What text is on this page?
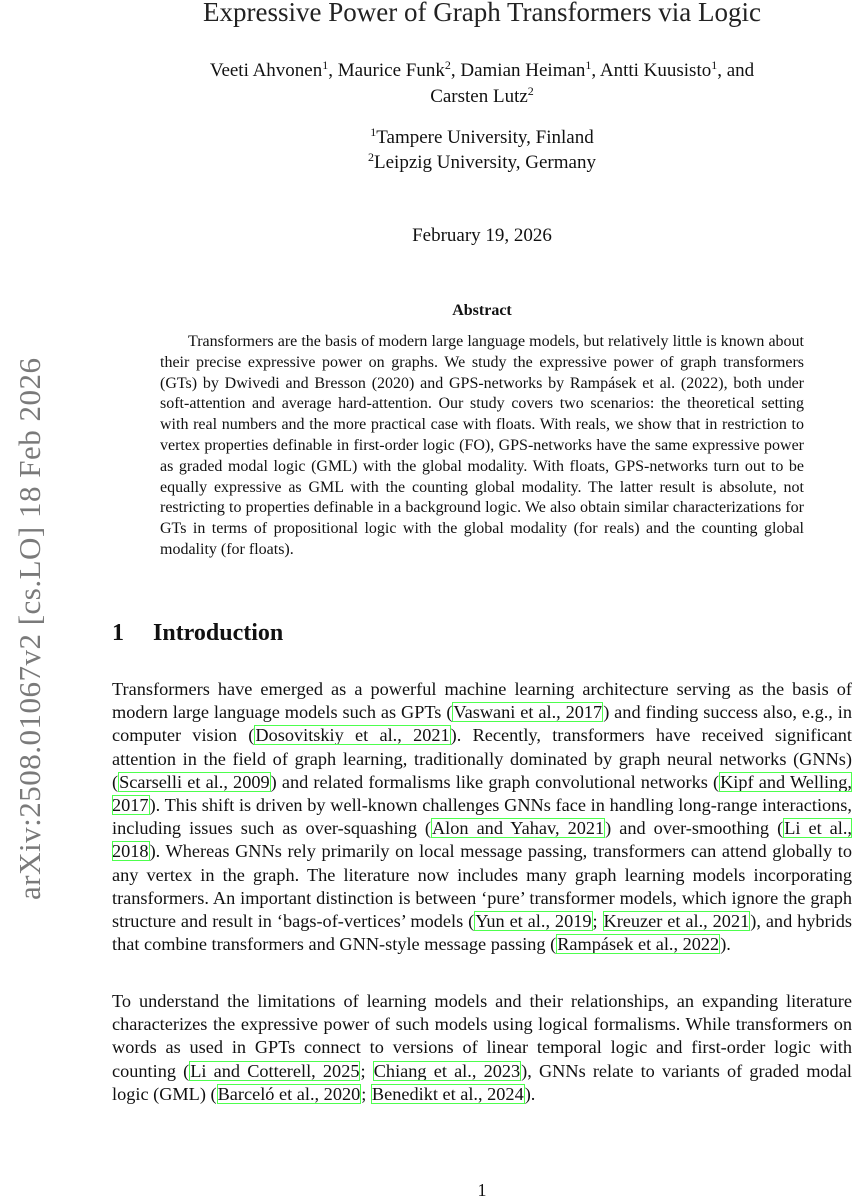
arXiv:2508.01067v2 [cs.LO] 18 Feb 2026
Expressive Power of Graph Transformers via Logic
Veeti Ahvonen$^1$, Maurice Funk$^2$, Damian Heiman$^1$, Antti Kuusisto$^1$, and
Carsten Lutz$^2$
$^1$Tampere University, Finland
$^2$Leipzig University, Germany
February 19, 2026
Abstract
Transformers are the basis of modern large language models, but relatively little is known about their precise expressive power on graphs. We study the expressive power of graph transformers (GTs) by Dwivedi and Bresson (2020) and GPS-networks by Rampásek et al. (2022), both under soft-attention and average hard-attention. Our study covers two scenarios: the theoretical setting with real numbers and the more practical case with floats. With reals, we show that in restriction to vertex properties definable in first-order logic (FO), GPS-networks have the same expressive power as graded modal logic (GML) with the global modality. With floats, GPS-networks turn out to be equally expressive as GML with the counting global modality. The latter result is absolute, not restricting to properties definable in a background logic. We also obtain similar characterizations for GTs in terms of propositional logic with the global modality (for reals) and the counting global modality (for floats).
1 Introduction
Transformers have emerged as a powerful machine learning architecture serving as the basis of modern large language models such as GPTs (Vaswani et al., 2017) and finding success also, e.g., in computer vision (Dosovitskiy et al., 2021). Recently, transformers have received significant attention in the field of graph learning, traditionally dominated by graph neural networks (GNNs) (Scarselli et al., 2009) and related formalisms like graph convolutional networks (Kipf and Welling, 2017). This shift is driven by well-known challenges GNNs face in handling long-range interactions, including issues such as over-squashing (Alon and Yahav, 2021) and over-smoothing (Li et al., 2018). Whereas GNNs rely primarily on local message passing, transformers can attend globally to any vertex in the graph. The literature now includes many graph learning models incorporating transformers. An important distinction is between ‘pure’ transformer models, which ignore the graph structure and result in ‘bags-of-vertices’ models (Yun et al., 2019; Kreuzer et al., 2021), and hybrids that combine transformers and GNN-style message passing (Rampásek et al., 2022).
To understand the limitations of learning models and their relationships, an expanding literature characterizes the expressive power of such models using logical formalisms. While transformers on words as used in GPTs connect to versions of linear temporal logic and first-order logic with counting (Li and Cotterell, 2025; Chiang et al., 2023), GNNs relate to variants of graded modal logic (GML) (Barceló et al., 2020; Benedikt et al., 2024).
1
